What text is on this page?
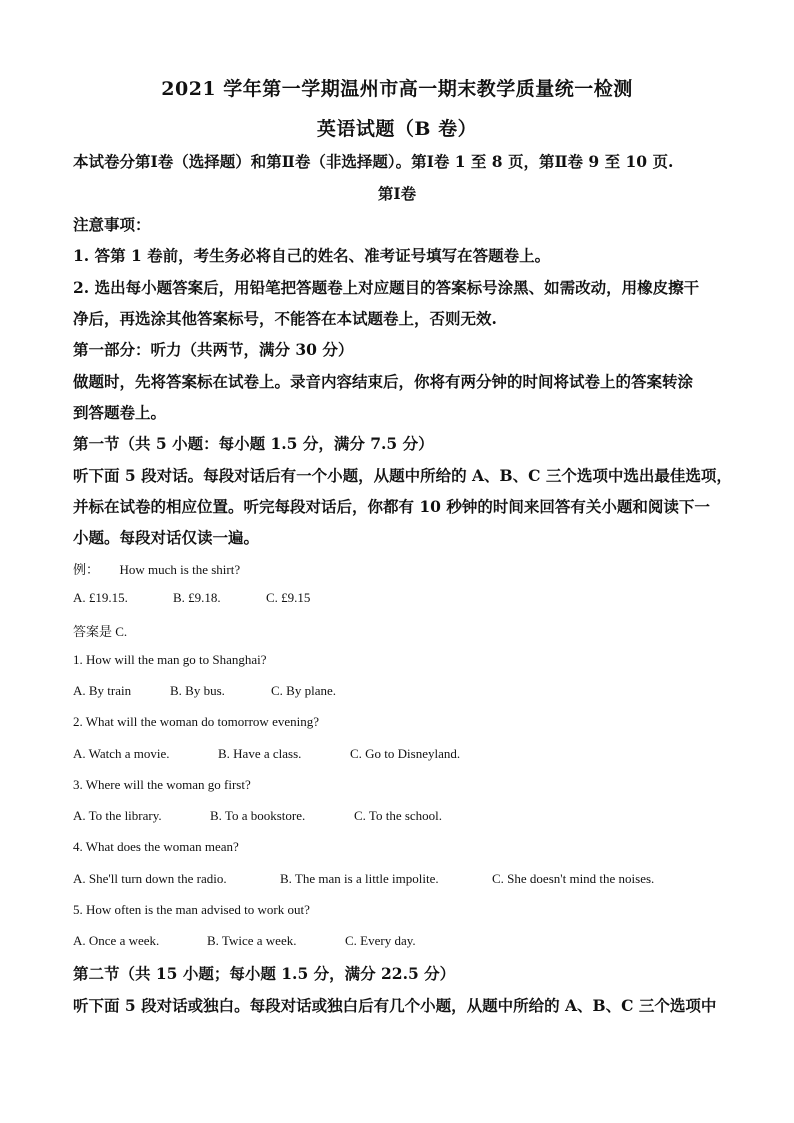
2021 学年第一学期温州市高一期末教学质量统一检测
英语试题（B 卷）
本试卷分第Ⅰ卷（选择题）和第Ⅱ卷（非选择题）。第Ⅰ卷 1 至 8 页，第Ⅱ卷 9 至 10 页.
第Ⅰ卷
注意事项：
1. 答第 1 卷前，考生务必将自己的姓名、准考证号填写在答题卷上。
2. 选出每小题答案后，用铅笔把答题卷上对应题目的答案标号涂黑、如需改动，用橡皮擦干
净后，再选涂其他答案标号，不能答在本试题卷上，否则无效.
第一部分：听力（共两节，满分 30 分）
做题时，先将答案标在试卷上。录音内容结束后，你将有两分钟的时间将试卷上的答案转涂
到答题卷上。
第一节（共 5 小题：每小题 1.5 分，满分 7.5 分）
听下面 5 段对话。每段对话后有一个小题，从题中所给的 A、B、C 三个选项中选出最佳选项，
并标在试卷的相应位置。听完每段对话后，你都有 10 秒钟的时间来回答有关小题和阅读下一
小题。每段对话仅读一遍。
例： How much is the shirt?
A. £19.15.	B. £9.18.	C. £9.15
答案是 C.
1. How will the man go to Shanghai?
A. By train	B. By bus.	C. By plane.
2. What will the woman do tomorrow evening?
A. Watch a movie.	B. Have a class.	C. Go to Disneyland.
3. Where will the woman go first?
A. To the library.	B. To a bookstore.	C. To the school.
4. What does the woman mean?
A. She'll turn down the radio.	B. The man is a little impolite.	C. She doesn't mind the noises.
5. How often is the man advised to work out?
A. Once a week.	B. Twice a week.	C. Every day.
第二节（共 15 小题；每小题 1.5 分，满分 22.5 分）
听下面 5 段对话或独白。每段对话或独白后有几个小题，从题中所给的 A、B、C 三个选项中
